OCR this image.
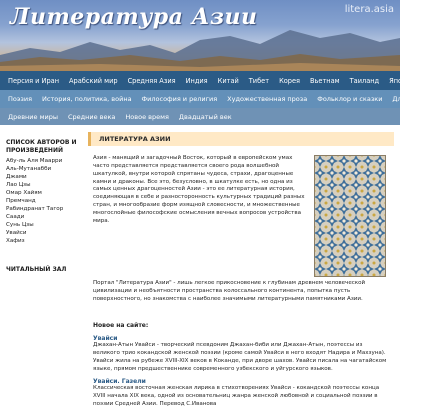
Литература Азии	litera.asia
Персия и Иран	Арабский мир	Средняя Азия	Индия	Китай	Тибет	Корея	Вьетнам	Таиланд	Япония
Поэзия	История, политика, война	Философия и религия	Художественная проза	Фольклор и сказки	Для детей
Древние миры	Средние века	Новое время	Двадцатый век
СПИСОК АВТОРОВ И ПРОИЗВЕДЕНИЙ
Абу-ль Аля Маарри
Аль-Мутанабби
Джами
Лао Цзы
Омар Хайям
Премчанд
Рабиндранат Тагор
Саади
Сунь Цзы
Увайси
Хафиз
ЧИТАЛЬНЫЙ ЗАЛ
ЛИТЕРАТУРА АЗИИ

Азия - манящий и загадочный Восток, который в европейском умах часто представляется представляется своего рода волшебной шкатулкой, внутри которой спрятаны чудеса, страхи, драгоценные камни и драконы. Все это, безусловно, в шкатулке есть, но одна из самых ценных драгоценностей Азии - это ее литературная история, соединяющая в себе и разносторонность культурных традиций разных стран, и многообразие форм изящной словесности, и множественные многослойные философские осмысления вечных вопросов устройства мира.

Портал "Литература Азии" - лишь легкое прикосновение к глубинам древнем человеческой цивилизации и необъятности пространства колоссального континента, попытка пусть поверхностного, но знакомства с наиболее значимыми литературными памятниками Азии.

Новое на сайте:
Увайси

Джахан-Атын Увайси - творческий псевдоним Джахан-биби или Джахан-Атын, поэтессы из великого трио кокандской женской поэзии (кроме самой Увайси в него входят Надира и Махзуна). Увайси жила на рубеже XVIII-XIX веков в Коканде, при дворе шахов. Увайси писала на чагатайском языке, прямом предшественнике современного узбекского и уйгурского языков.

Увайси. Газели

Классическая восточная женская лирика в стихотворениях Увайси - кокандской поэтессы конца XVIII начала XIX века, одной из основательниц жанра женской любовной и социальной поэзии в поэзии Средней Азии. Перевод С.Иванова
